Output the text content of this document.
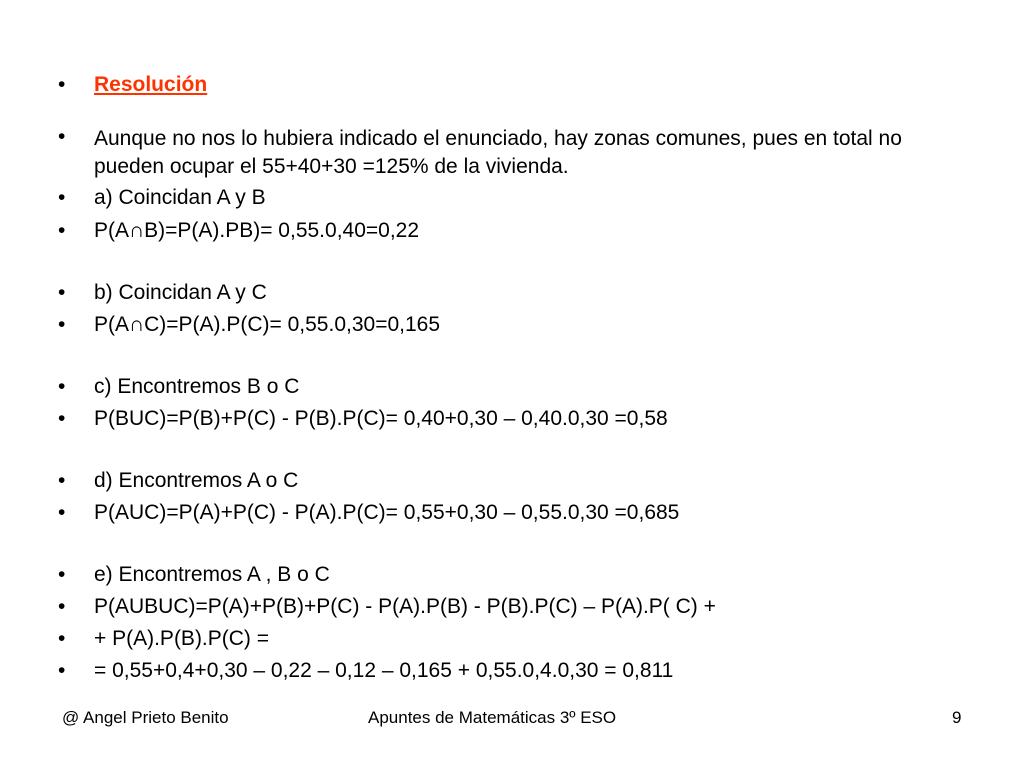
• Resolución
• Aunque no nos lo hubiera indicado el enunciado, hay zonas comunes, pues en total no pueden ocupar el 55+40+30 =125% de la vivienda.
• a) Coincidan A y B
• P(A∩B)=P(A).PB)= 0,55.0,40=0,22
• b) Coincidan A y C
• P(A∩C)=P(A).P(C)= 0,55.0,30=0,165
• c) Encontremos B o C
• P(BUC)=P(B)+P(C) - P(B).P(C)= 0,40+0,30 – 0,40.0,30 =0,58
• d) Encontremos A o C
• P(AUC)=P(A)+P(C) - P(A).P(C)= 0,55+0,30 – 0,55.0,30 =0,685
• e) Encontremos A , B o C
• P(AUBUC)=P(A)+P(B)+P(C) - P(A).P(B) - P(B).P(C) – P(A).P( C) +
• + P(A).P(B).P(C) =
• = 0,55+0,4+0,30 – 0,22 – 0,12 – 0,165 + 0,55.0,4.0,30 = 0,811
@ Angel Prieto Benito	Apuntes de Matemáticas 3º ESO	9
